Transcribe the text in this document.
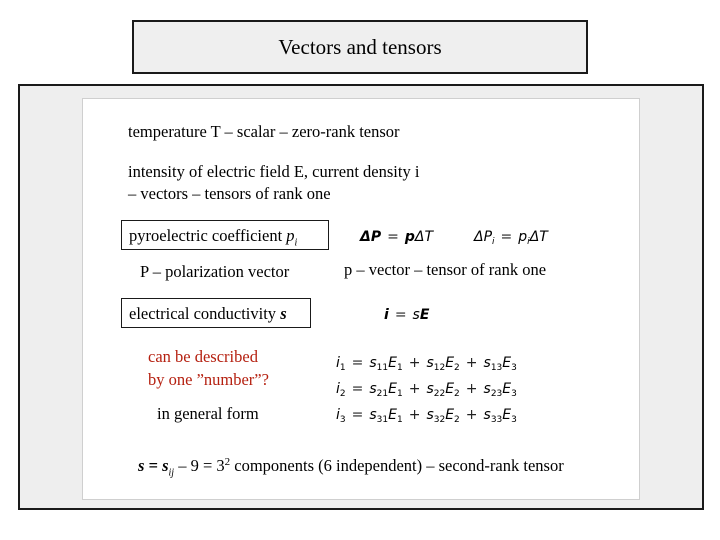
Vectors and tensors
temperature T – scalar – zero-rank tensor
intensity of electric field E, current density i
– vectors – tensors of rank one
pyroelectric coefficient $p_i$	ΔP = pΔT	$\Delta P_i = p_i\Delta T$
P – polarization vector	p – vector – tensor of rank one
electrical conductivity s	i = sE
can be described
by one ”number”?
in general form
$i_1 = s_{11}E_1 + s_{12}E_2 + s_{13}E_3$
$i_2 = s_{21}E_1 + s_{22}E_2 + s_{23}E_3$
$i_3 = s_{31}E_1 + s_{32}E_2 + s_{33}E_3$
$s = s_{ij} - 9 = 3^2$ components (6 independent) – second-rank tensor
